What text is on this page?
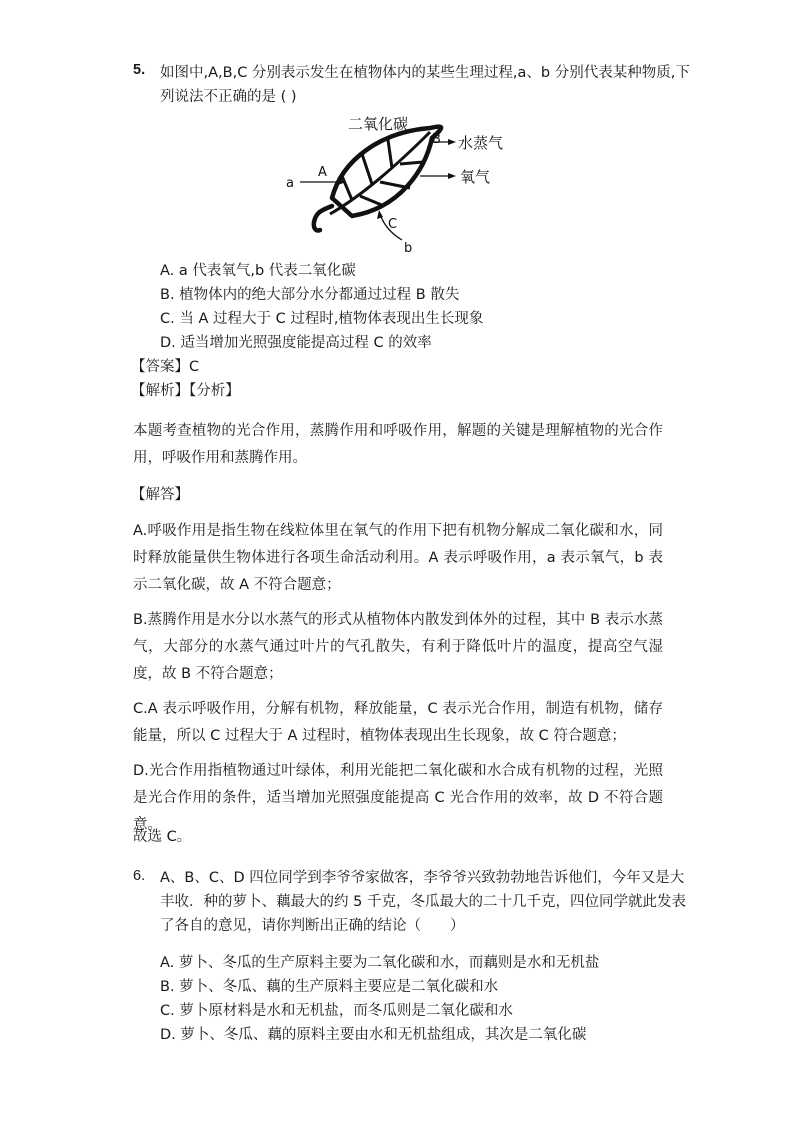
5. 如图中,A,B,C 分别表示发生在植物体内的某些生理过程,a、b 分别代表某种物质,下
列说法不正确的是 ( )
二氧化碳
B 水蒸气
a
A	氧气
C
b
A. a 代表氧气,b 代表二氧化碳
B. 植物体内的绝大部分水分都通过过程 B 散失
C. 当 A 过程大于 C 过程时,植物体表现出生长现象
D. 适当增加光照强度能提高过程 C 的效率
【答案】C
【解析】【分析】
本题考查植物的光合作用，蒸腾作用和呼吸作用，解题的关键是理解植物的光合作用，呼吸作用和蒸腾作用。
【解答】
A.呼吸作用是指生物在线粒体里在氧气的作用下把有机物分解成二氧化碳和水，同时释放能量供生物体进行各项生命活动利用。A 表示呼吸作用，a 表示氧气，b 表示二氧化碳，故 A 不符合题意；
B.蒸腾作用是水分以水蒸气的形式从植物体内散发到体外的过程，其中 B 表示水蒸气，大部分的水蒸气通过叶片的气孔散失，有利于降低叶片的温度，提高空气湿度，故 B 不符合题意；
C.A 表示呼吸作用，分解有机物，释放能量，C 表示光合作用，制造有机物，储存能量，所以 C 过程大于 A 过程时，植物体表现出生长现象，故 C 符合题意；
D.光合作用指植物通过叶绿体，利用光能把二氧化碳和水合成有机物的过程，光照是光合作用的条件，适当增加光照强度能提高 C 光合作用的效率，故 D 不符合题意。
故选 C。
6. A、B、C、D 四位同学到李爷爷家做客，李爷爷兴致勃勃地告诉他们，今年又是大
丰收．种的萝卜、藕最大的约 5 千克，冬瓜最大的二十几千克，四位同学就此发表
了各自的意见，请你判断出正确的结论（　　）
A. 萝卜、冬瓜的生产原料主要为二氧化碳和水，而藕则是水和无机盐
B. 萝卜、冬瓜、藕的生产原料主要应是二氧化碳和水
C. 萝卜原材料是水和无机盐，而冬瓜则是二氧化碳和水
D. 萝卜、冬瓜、藕的原料主要由水和无机盐组成，其次是二氧化碳
